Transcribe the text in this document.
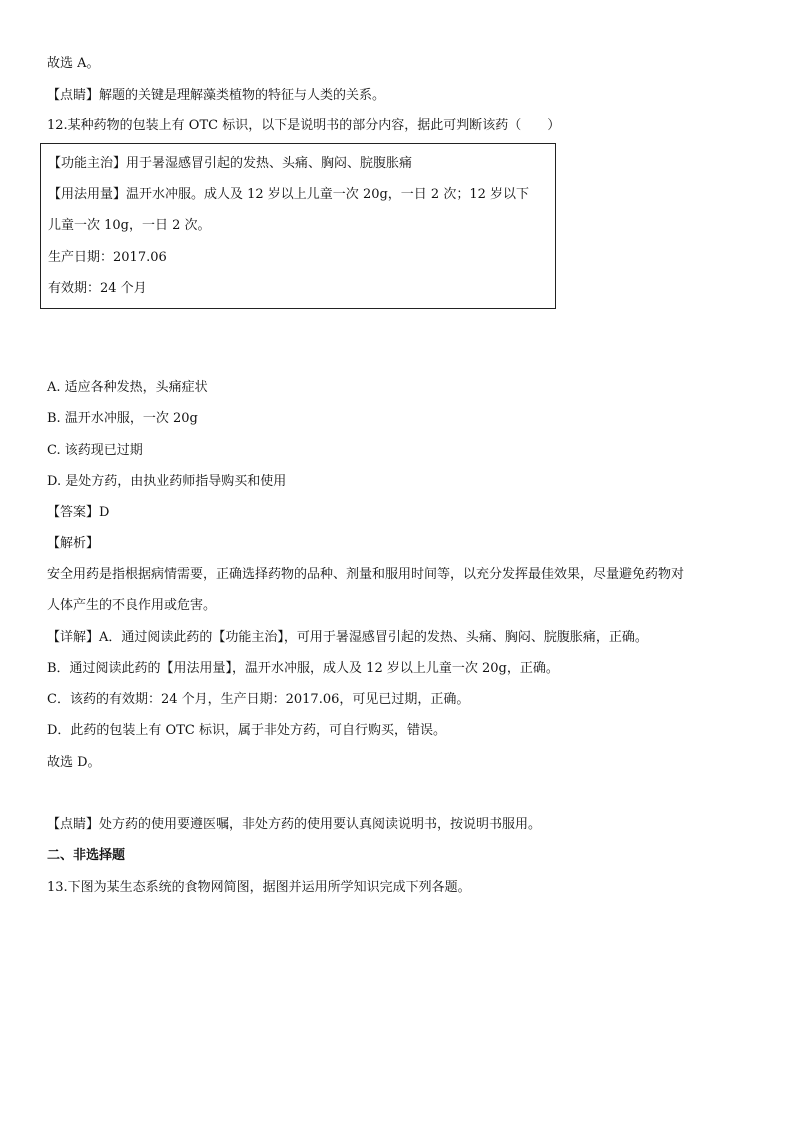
故选 A。
【点睛】解题的关键是理解藻类植物的特征与人类的关系。
12.某种药物的包装上有 OTC 标识，以下是说明书的部分内容，据此可判断该药（　　）
【功能主治】用于暑湿感冒引起的发热、头痛、胸闷、脘腹胀痛
【用法用量】温开水冲服。成人及 12 岁以上儿童一次 20g，一日 2 次；12 岁以下
儿童一次 10g，一日 2 次。
生产日期：2017.06
有效期：24 个月
A. 适应各种发热，头痛症状
B. 温开水冲服，一次 20g
C. 该药现已过期
D. 是处方药，由执业药师指导购买和使用
【答案】D
【解析】
安全用药是指根据病情需要，正确选择药物的品种、剂量和服用时间等，以充分发挥最佳效果，尽量避免药物对
人体产生的不良作用或危害。
【详解】A．通过阅读此药的【功能主治】，可用于暑湿感冒引起的发热、头痛、胸闷、脘腹胀痛，正确。
B．通过阅读此药的【用法用量】，温开水冲服，成人及 12 岁以上儿童一次 20g，正确。
C．该药的有效期：24 个月，生产日期：2017.06，可见已过期，正确。
D．此药的包装上有 OTC 标识，属于非处方药，可自行购买，错误。
故选 D。
【点睛】处方药的使用要遵医嘱，非处方药的使用要认真阅读说明书，按说明书服用。
二、非选择题
13.下图为某生态系统的食物网简图，据图并运用所学知识完成下列各题。
